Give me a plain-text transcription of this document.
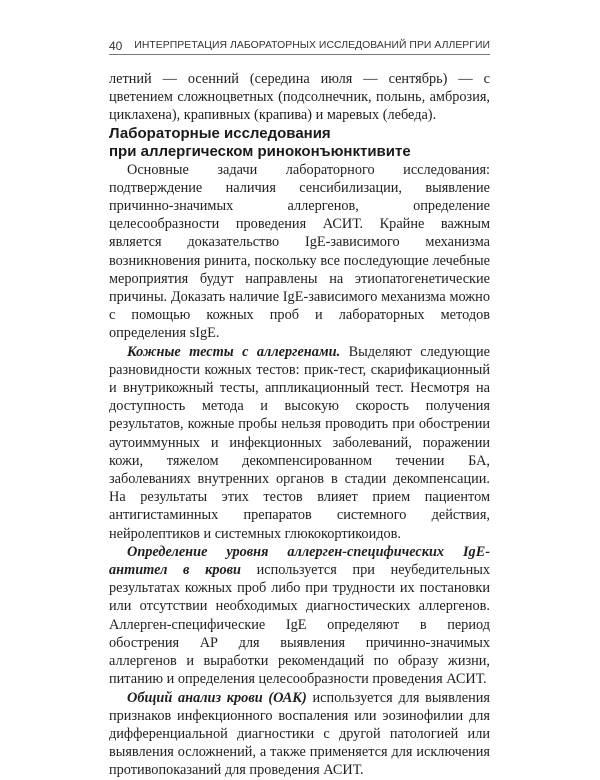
40 ИНТЕРПРЕТАЦИЯ ЛАБОРАТОРНЫХ ИССЛЕДОВАНИЙ ПРИ АЛЛЕРГИИ

летний — осенний (середина июля — сентябрь) — с цветением сложноцветных (подсолнечник, полынь, амброзия, циклахена), крапивных (крапива) и маревых (лебеда).

Лабораторные исследования
при аллергическом риноконъюнктивите

Основные задачи лабораторного исследования: подтверждение наличия сенсибилизации, выявление причинно-значимых аллергенов, определение целесообразности проведения АСИТ. Крайне важным является доказательство IgE-зависимого механизма возникновения ринита, поскольку все последующие лечебные мероприятия будут направлены на этиопатогенетические причины. Доказать наличие IgE-зависимого механизма можно с помощью кожных проб и лабораторных методов определения sIgE.

Кожные тесты с аллергенами. Выделяют следующие разновидности кожных тестов: прик-тест, скарификационный и внутрикожный тесты, аппликационный тест. Несмотря на доступность метода и высокую скорость получения результатов, кожные пробы нельзя проводить при обострении аутоиммунных и инфекционных заболеваний, поражении кожи, тяжелом декомпенсированном течении БА, заболеваниях внутренних органов в стадии декомпенсации. На результаты этих тестов влияет прием пациентом антигистаминных препаратов системного действия, нейролептиков и системных глюкокортикоидов.

Определение уровня аллерген-специфических IgE-антител в крови используется при неубедительных результатах кожных проб либо при трудности их постановки или отсутствии необходимых диагностических аллергенов. Аллерген-специфические IgE определяют в период обострения АР для выявления причинно-значимых аллергенов и выработки рекомендаций по образу жизни, питанию и определения целесообразности проведения АСИТ.

Общий анализ крови (ОАК) используется для выявления признаков инфекционного воспаления или эозинофилии для дифференциальной диагностики с другой патологией или выявления осложнений, а также применяется для исключения противопоказаний для проведения АСИТ.
